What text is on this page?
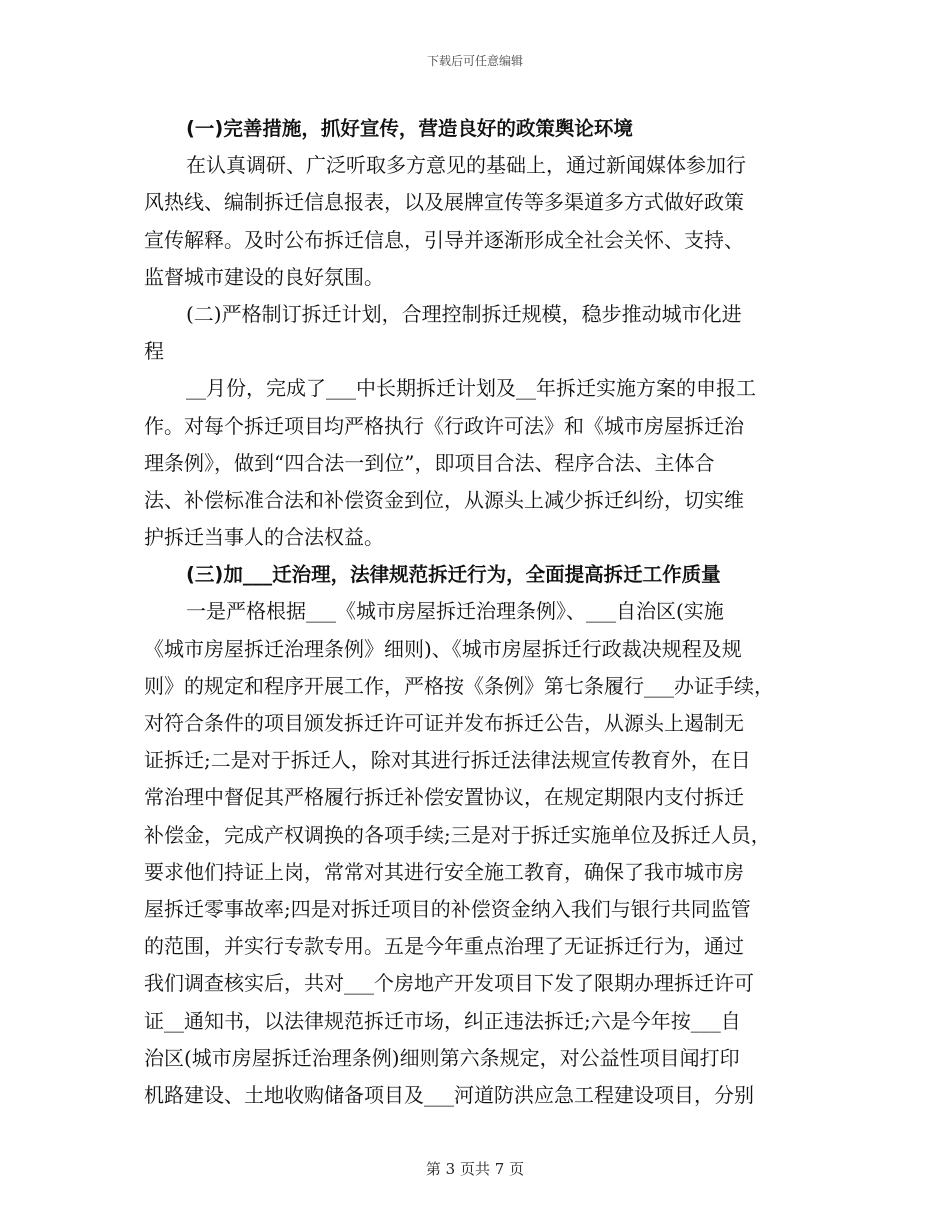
下载后可任意编辑
(一)完善措施，抓好宣传，营造良好的政策舆论环境
在认真调研、广泛听取多方意见的基础上，通过新闻媒体参加行
风热线、编制拆迁信息报表，以及展牌宣传等多渠道多方式做好政策
宣传解释。及时公布拆迁信息，引导并逐渐形成全社会关怀、支持、
监督城市建设的良好氛围。
(二)严格制订拆迁计划，合理控制拆迁规模，稳步推动城市化进
程
__月份，完成了___中长期拆迁计划及__年拆迁实施方案的申报工
作。对每个拆迁项目均严格执行《行政许可法》和《城市房屋拆迁治
理条例》，做到“四合法一到位”，即项目合法、程序合法、主体合
法、补偿标准合法和补偿资金到位，从源头上减少拆迁纠纷，切实维
护拆迁当事人的合法权益。
(三)加___迁治理，法律规范拆迁行为，全面提高拆迁工作质量
一是严格根据___《城市房屋拆迁治理条例》、___自治区(实施
《城市房屋拆迁治理条例》细则)、《城市房屋拆迁行政裁决规程及规
则》的规定和程序开展工作，严格按《条例》第七条履行___办证手续，
对符合条件的项目颁发拆迁许可证并发布拆迁公告，从源头上遏制无
证拆迁;二是对于拆迁人，除对其进行拆迁法律法规宣传教育外，在日
常治理中督促其严格履行拆迁补偿安置协议，在规定期限内支付拆迁
补偿金，完成产权调换的各项手续;三是对于拆迁实施单位及拆迁人员，
要求他们持证上岗，常常对其进行安全施工教育，确保了我市城市房
屋拆迁零事故率;四是对拆迁项目的补偿资金纳入我们与银行共同监管
的范围，并实行专款专用。五是今年重点治理了无证拆迁行为，通过
我们调查核实后，共对___个房地产开发项目下发了限期办理拆迁许可
证__通知书，以法律规范拆迁市场，纠正违法拆迁;六是今年按___自
治区(城市房屋拆迁治理条例)细则第六条规定，对公益性项目闻打印
机路建设、土地收购储备项目及___河道防洪应急工程建设项目，分别
第 3 页共 7 页
